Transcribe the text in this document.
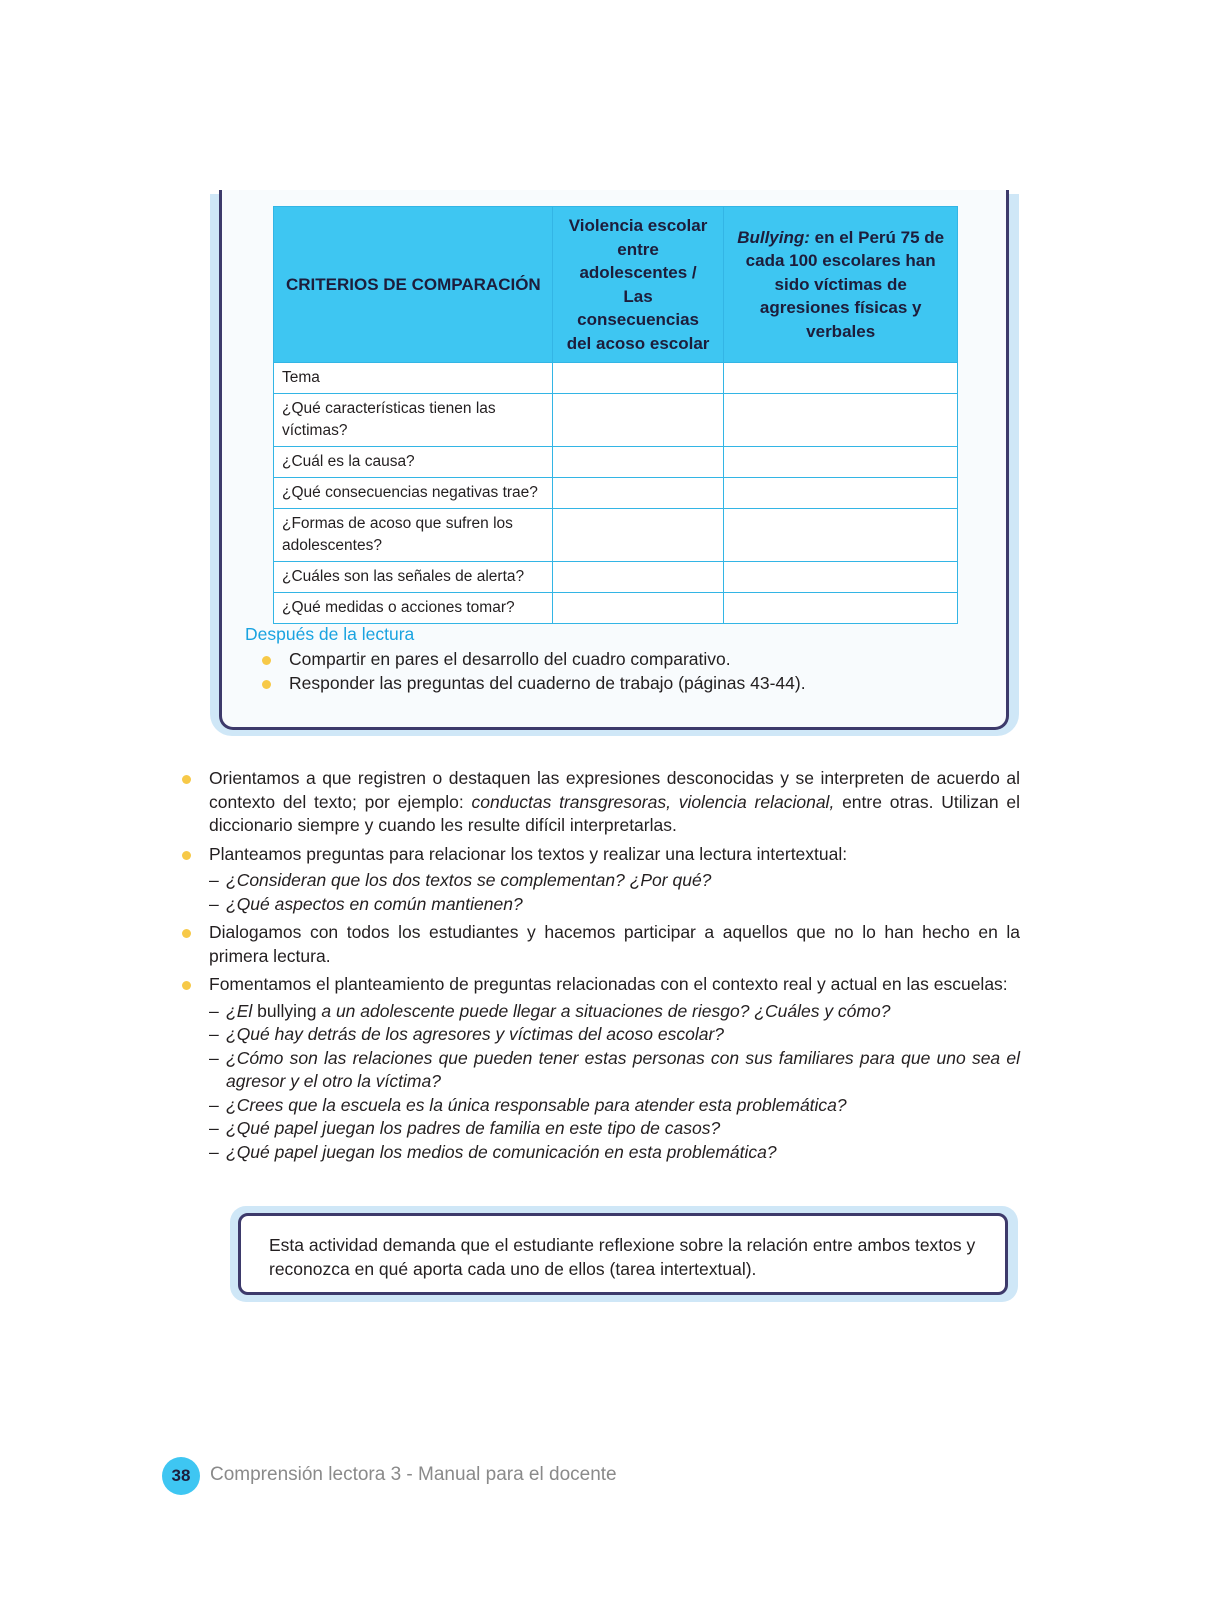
CRITERIOS DE COMPARACIÓN	Violencia escolar entre adolescentes / Las consecuencias del acoso escolar	Bullying: en el Perú 75 de cada 100 escolares han sido víctimas de agresiones físicas y verbales
Tema		
¿Qué características tienen las víctimas?		
¿Cuál es la causa?		
¿Qué consecuencias negativas trae?		
¿Formas de acoso que sufren los adolescentes?		
¿Cuáles son las señales de alerta?		
¿Qué medidas o acciones tomar?		
Después de la lectura
Compartir en pares el desarrollo del cuadro comparativo.
Responder las preguntas del cuaderno de trabajo (páginas 43-44).
Orientamos a que registren o destaquen las expresiones desconocidas y se interpreten de acuerdo al contexto del texto; por ejemplo: conductas transgresoras, violencia relacional, entre otras. Utilizan el diccionario siempre y cuando les resulte difícil interpretarlas.
Planteamos preguntas para relacionar los textos y realizar una lectura intertextual:
– ¿Consideran que los dos textos se complementan? ¿Por qué?
– ¿Qué aspectos en común mantienen?
Dialogamos con todos los estudiantes y hacemos participar a aquellos que no lo han hecho en la primera lectura.
Fomentamos el planteamiento de preguntas relacionadas con el contexto real y actual en las escuelas:
– ¿El bullying a un adolescente puede llegar a situaciones de riesgo? ¿Cuáles y cómo?
– ¿Qué hay detrás de los agresores y víctimas del acoso escolar?
– ¿Cómo son las relaciones que pueden tener estas personas con sus familiares para que uno sea el agresor y el otro la víctima?
– ¿Crees que la escuela es la única responsable para atender esta problemática?
– ¿Qué papel juegan los padres de familia en este tipo de casos?
– ¿Qué papel juegan los medios de comunicación en esta problemática?
Esta actividad demanda que el estudiante reflexione sobre la relación entre ambos textos y reconozca en qué aporta cada uno de ellos (tarea intertextual).
38	Comprensión lectora 3 - Manual para el docente
